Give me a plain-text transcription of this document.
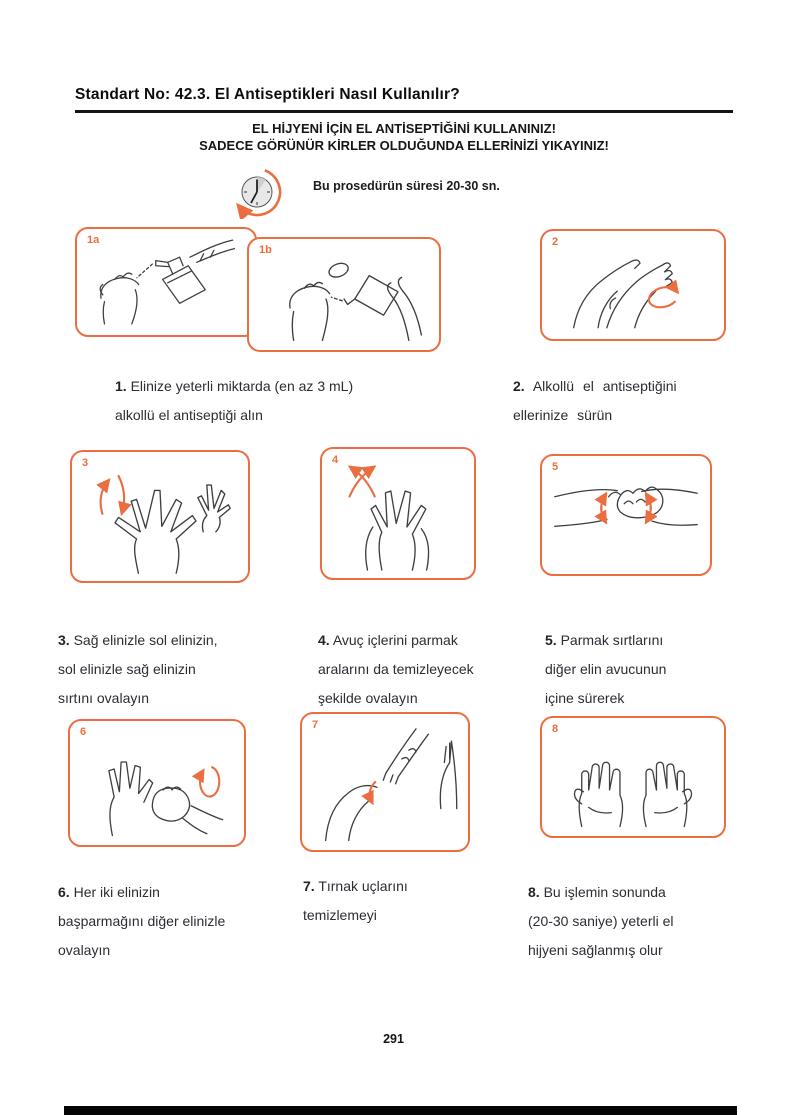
Standart No: 42.3. El Antiseptikleri Nasıl Kullanılır?
EL HİJYENİ İÇİN EL ANTİSEPTİĞİNİ KULLANINIZ!
SADECE GÖRÜNÜR KİRLER OLDUĞUNDA ELLERİNİZİ YIKAYINIZ!
Bu prosedürün süresi 20-30 sn.
1a
1b
2
1. Elinize yeterli miktarda (en az 3 mL)
alkollü el antiseptiği alın
2. Alkollü el antiseptiğini
ellerinize sürün
3	4
5
3. Sağ elinizle sol elinizin,
sol elinizle sağ elinizin
sırtını ovalayın
4. Avuç içlerini parmak
aralarını da temizleyecek
şekilde ovalayın
5. Parmak sırtlarını
diğer elin avucunun
içine sürerek
6
7	8
6. Her iki elinizin
başparmağını diğer elinizle
ovalayın
7. Tırnak uçlarını
temizlemeyi
8. Bu işlemin sonunda
(20-30 saniye) yeterli el
hijyeni sağlanmış olur
291
